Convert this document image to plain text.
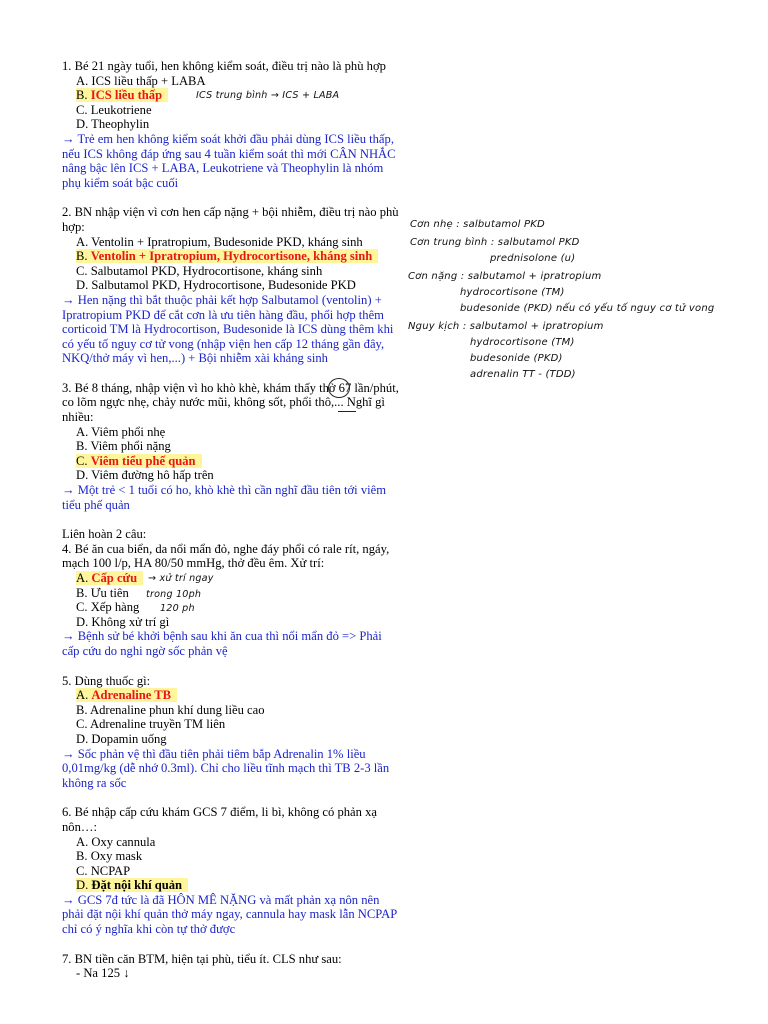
1. Bé 21 ngày tuổi, hen không kiểm soát, điều trị nào là phù hợp
A. ICS liều thấp + LABA
B. ICS liều thấp	ICS trung bình → ICS + LABA
C. Leukotriene
D. Theophylin
→ Trẻ em hen không kiểm soát khởi đầu phải dùng ICS liều thấp, nếu ICS không đáp ứng sau 4 tuần kiểm soát thì mới CÂN NHẮC nâng bậc lên ICS + LABA, Leukotriene và Theophylin là nhóm phụ kiểm soát bậc cuối
2. BN nhập viện vì cơn hen cấp nặng + bội nhiễm, điều trị nào phù hợp:
A. Ventolin + Ipratropium, Budesonide PKD, kháng sinh
B. Ventolin + Ipratropium, Hydrocortisone, kháng sinh
C. Salbutamol PKD, Hydrocortisone, kháng sinh
D. Salbutamol PKD, Hydrocortisone, Budesonide PKD
→ Hen nặng thì bắt thuộc phải kết hợp Salbutamol (ventolin) + Ipratropium PKD để cắt cơn là ưu tiên hàng đầu, phối hợp thêm corticoid TM là Hydrocortison, Budesonide là ICS dùng thêm khi có yếu tố nguy cơ tử vong (nhập viện hen cấp 12 tháng gần đây, NKQ/thở máy vì hen,...) + Bội nhiễm xài kháng sinh
3. Bé 8 tháng, nhập viện vì ho khò khè, khám thấy thở 67 lần/phút, co lõm ngực nhẹ, chảy nước mũi, không sốt, phổi thô,... Nghĩ gì nhiều:
A. Viêm phổi nhẹ
B. Viêm phổi nặng
C. Viêm tiểu phế quản
D. Viêm đường hô hấp trên
→ Một trẻ < 1 tuổi có ho, khò khè thì cần nghĩ đầu tiên tới viêm tiểu phế quản
Liên hoàn 2 câu:
4. Bé ăn cua biển, da nổi mẩn đỏ, nghe đáy phổi có rale rít, ngáy, mạch 100 l/p, HA 80/50 mmHg, thở đều êm. Xử trí:
A. Cấp cứu → xử trí ngay
B. Ưu tiên trong 10ph
C. Xếp hàng 120 ph
D. Không xử trí gì
→ Bệnh sử bé khởi bệnh sau khi ăn cua thì nổi mẩn đỏ => Phải cấp cứu do nghi ngờ sốc phản vệ
5. Dùng thuốc gì:
A. Adrenaline TB
B. Adrenaline phun khí dung liều cao
C. Adrenaline truyền TM liên
D. Dopamin uống
→ Sốc phản vệ thì đầu tiên phải tiêm bắp Adrenalin 1% liều 0,01mg/kg (dễ nhớ 0.3ml). Chỉ cho liều tĩnh mạch thì TB 2-3 lần không ra sốc
6. Bé nhập cấp cứu khám GCS 7 điểm, li bì, không có phản xạ nôn…:
A. Oxy cannula
B. Oxy mask
C. NCPAP
D. Đặt nội khí quản
→ GCS 7đ tức là đã HÔN MÊ NẶNG và mất phản xạ nôn nên phải đặt nội khí quản thở máy ngay, cannula hay mask lẫn NCPAP chỉ có ý nghĩa khi còn tự thở được
7. BN tiền căn BTM, hiện tại phù, tiểu ít. CLS như sau:
- Na 125 ↓
Cơn nhẹ : salbutamol PKD
Cơn trung bình : salbutamol PKD
prednisolone (u)
Cơn nặng : salbutamol + ipratropium
hydrocortisone (TM)
budesonide (PKD) nếu có yếu tố nguy cơ tử vong
Nguy kịch : salbutamol + ipratropium
hydrocortisone (TM)
budesonide (PKD)
adrenalin TT - (TDD)
